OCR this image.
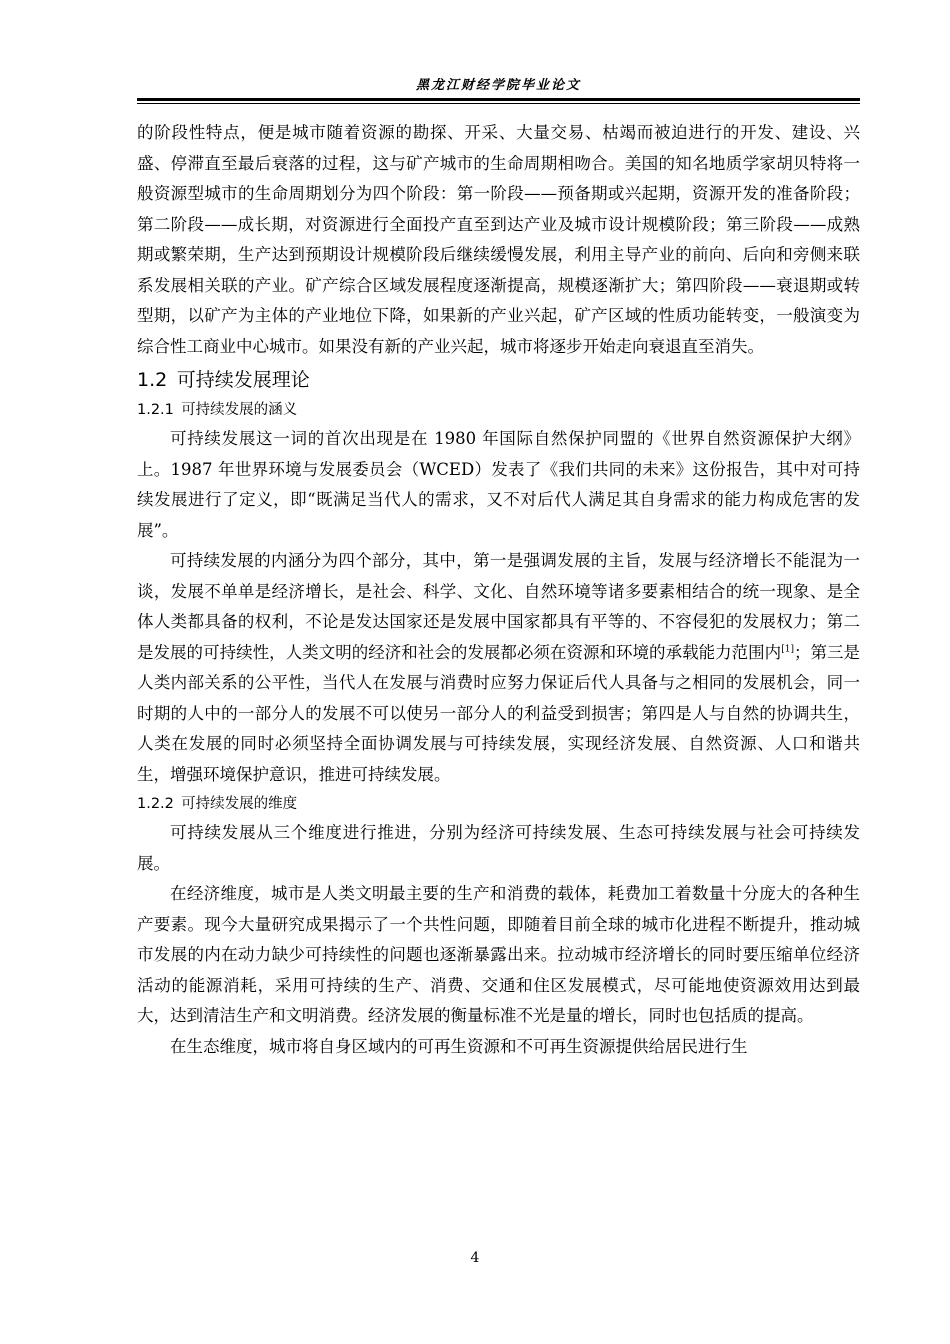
黑龙江财经学院毕业论文

的阶段性特点，便是城市随着资源的勘探、开采、大量交易、枯竭而被迫进行的开发、建设、兴盛、停滞直至最后衰落的过程，这与矿产城市的生命周期相吻合。美国的知名地质学家胡贝特将一般资源型城市的生命周期划分为四个阶段：第一阶段——预备期或兴起期，资源开发的准备阶段；第二阶段——成长期，对资源进行全面投产直至到达产业及城市设计规模阶段；第三阶段——成熟期或繁荣期，生产达到预期设计规模阶段后继续缓慢发展，利用主导产业的前向、后向和旁侧来联系发展相关联的产业。矿产综合区域发展程度逐渐提高，规模逐渐扩大；第四阶段——衰退期或转型期，以矿产为主体的产业地位下降，如果新的产业兴起，矿产区域的性质功能转变，一般演变为综合性工商业中心城市。如果没有新的产业兴起，城市将逐步开始走向衰退直至消失。

1.2 可持续发展理论
1.2.1 可持续发展的涵义

可持续发展这一词的首次出现是在 1980 年国际自然保护同盟的《世界自然资源保护大纲》上。1987 年世界环境与发展委员会（WCED）发表了《我们共同的未来》这份报告，其中对可持续发展进行了定义，即“既满足当代人的需求，又不对后代人满足其自身需求的能力构成危害的发展”。

可持续发展的内涵分为四个部分，其中，第一是强调发展的主旨，发展与经济增长不能混为一谈，发展不单单是经济增长，是社会、科学、文化、自然环境等诸多要素相结合的统一现象、是全体人类都具备的权利，不论是发达国家还是发展中国家都具有平等的、不容侵犯的发展权力；第二是发展的可持续性，人类文明的经济和社会的发展都必须在资源和环境的承载能力范围内[1]；第三是人类内部关系的公平性，当代人在发展与消费时应努力保证后代人具备与之相同的发展机会，同一时期的人中的一部分人的发展不可以使另一部分人的利益受到损害；第四是人与自然的协调共生，人类在发展的同时必须坚持全面协调发展与可持续发展，实现经济发展、自然资源、人口和谐共生，增强环境保护意识，推进可持续发展。

1.2.2 可持续发展的维度

可持续发展从三个维度进行推进，分别为经济可持续发展、生态可持续发展与社会可持续发展。

在经济维度，城市是人类文明最主要的生产和消费的载体，耗费加工着数量十分庞大的各种生产要素。现今大量研究成果揭示了一个共性问题，即随着目前全球的城市化进程不断提升，推动城市发展的内在动力缺少可持续性的问题也逐渐暴露出来。拉动城市经济增长的同时要压缩单位经济活动的能源消耗，采用可持续的生产、消费、交通和住区发展模式，尽可能地使资源效用达到最大，达到清洁生产和文明消费。经济发展的衡量标准不光是量的增长，同时也包括质的提高。

在生态维度，城市将自身区域内的可再生资源和不可再生资源提供给居民进行生

4
